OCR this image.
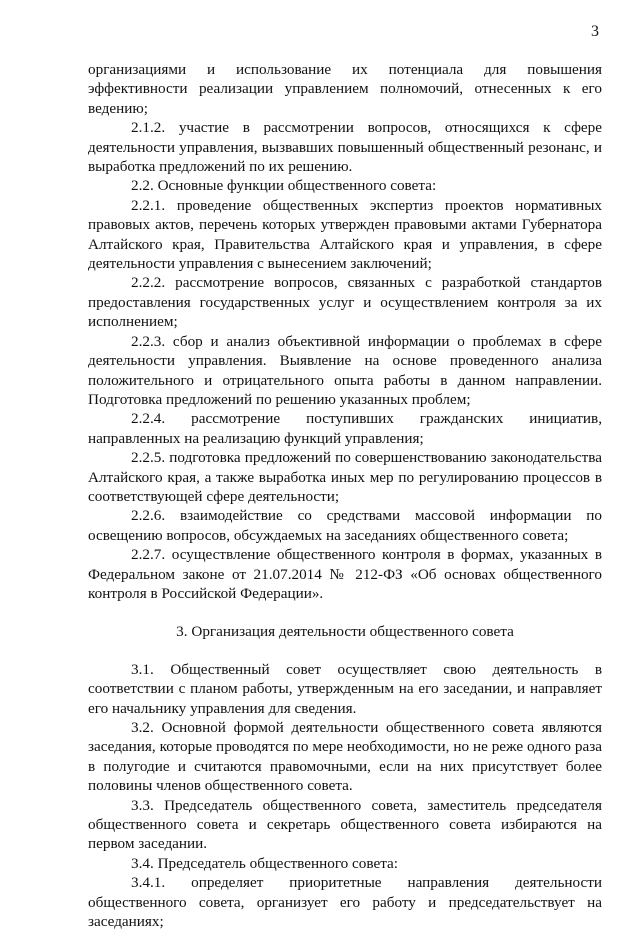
3

организациями и использование их потенциала для повышения эффективности реализации управлением полномочий, отнесенных к его ведению;

2.1.2. участие в рассмотрении вопросов, относящихся к сфере деятельности управления, вызвавших повышенный общественный резонанс, и выработка предложений по их решению.

2.2. Основные функции общественного совета:

2.2.1. проведение общественных экспертиз проектов нормативных правовых актов, перечень которых утвержден правовыми актами Губернатора Алтайского края, Правительства Алтайского края и управления, в сфере деятельности управления с вынесением заключений;

2.2.2. рассмотрение вопросов, связанных с разработкой стандартов предоставления государственных услуг и осуществлением контроля за их исполнением;

2.2.3. сбор и анализ объективной информации о проблемах в сфере деятельности управления. Выявление на основе проведенного анализа положительного и отрицательного опыта работы в данном направлении. Подготовка предложений по решению указанных проблем;

2.2.4. рассмотрение поступивших гражданских инициатив, направленных на реализацию функций управления;

2.2.5. подготовка предложений по совершенствованию законодательства Алтайского края, а также выработка иных мер по регулированию процессов в соответствующей сфере деятельности;

2.2.6. взаимодействие со средствами массовой информации по освещению вопросов, обсуждаемых на заседаниях общественного совета;

2.2.7. осуществление общественного контроля в формах, указанных в Федеральном законе от 21.07.2014 № 212-ФЗ «Об основах общественного контроля в Российской Федерации».

3. Организация деятельности общественного совета

3.1. Общественный совет осуществляет свою деятельность в соответствии с планом работы, утвержденным на его заседании, и направляет его начальнику управления для сведения.

3.2. Основной формой деятельности общественного совета являются заседания, которые проводятся по мере необходимости, но не реже одного раза в полугодие и считаются правомочными, если на них присутствует более половины членов общественного совета.

3.3. Председатель общественного совета, заместитель председателя общественного совета и секретарь общественного совета избираются на первом заседании.

3.4. Председатель общественного совета:

3.4.1. определяет приоритетные направления деятельности общественного совета, организует его работу и председательствует на заседаниях;
